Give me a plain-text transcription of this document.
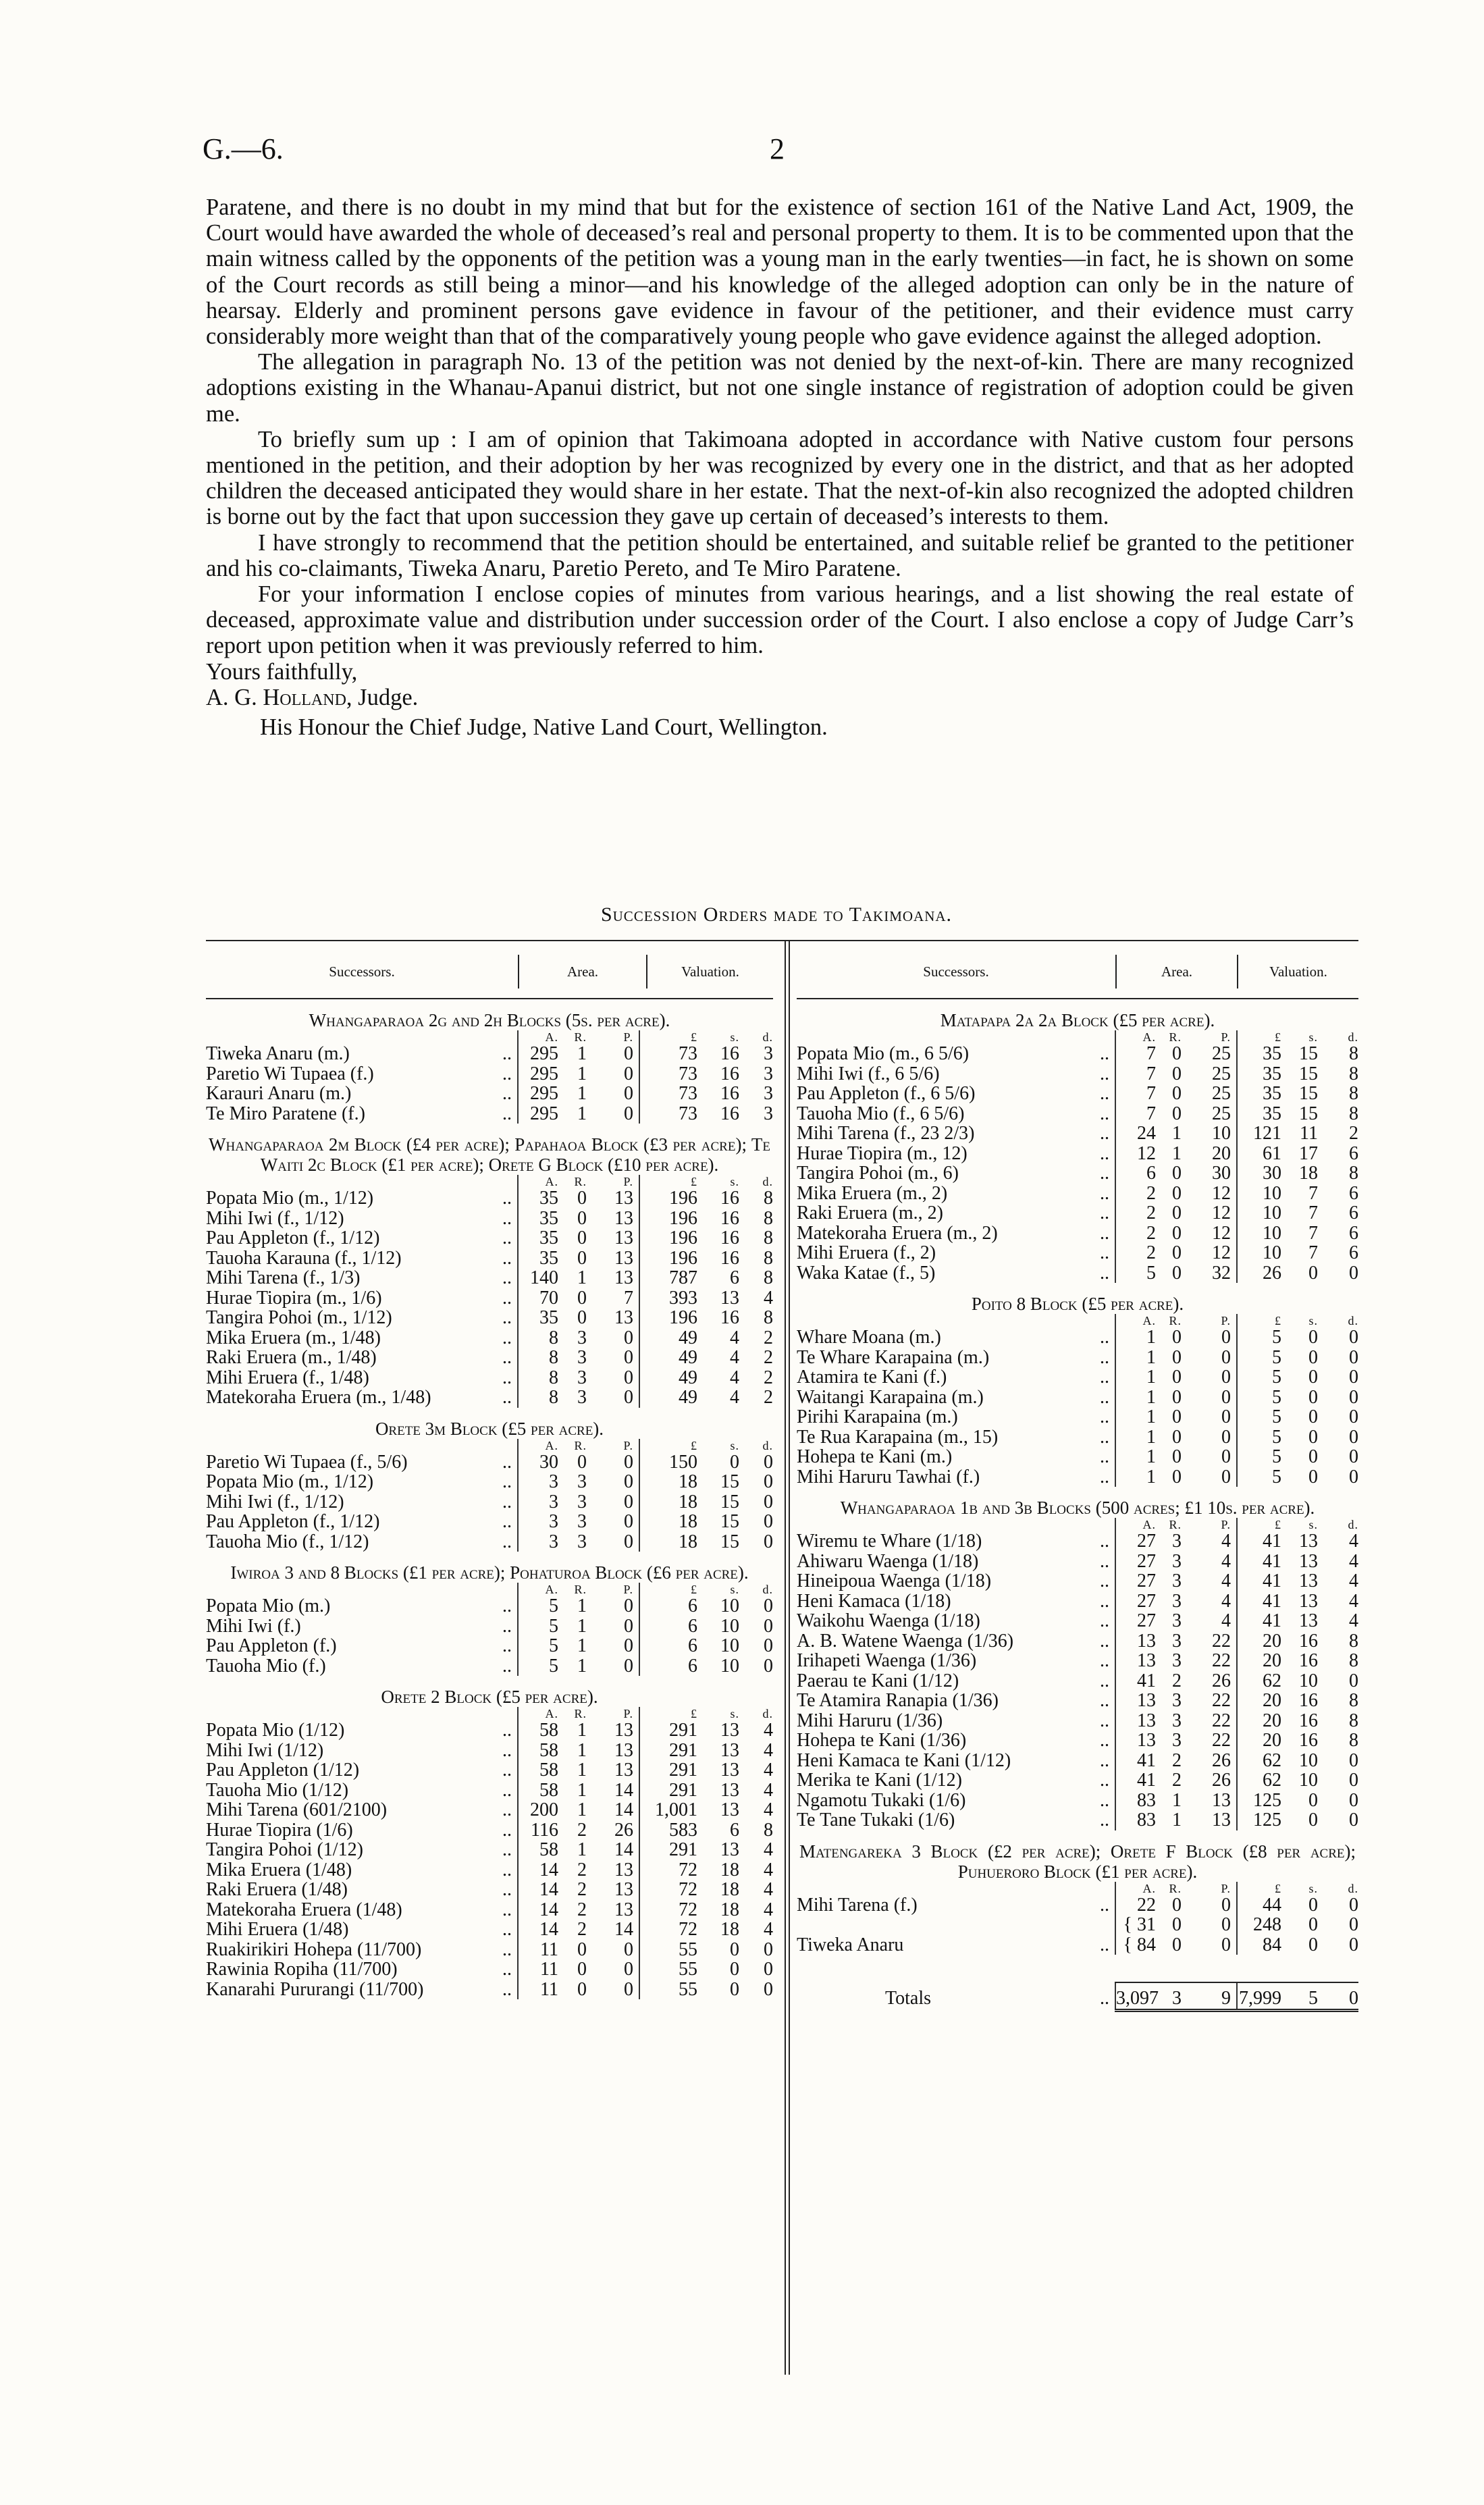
G.—6.	2

Paratene, and there is no doubt in my mind that but for the existence of section 161 of the Native Land Act, 1909, the Court would have awarded the whole of deceased’s real and personal property to them. It is to be commented upon that the main witness called by the opponents of the petition was a young man in the early twenties—in fact, he is shown on some of the Court records as still being a minor—and his knowledge of the alleged adoption can only be in the nature of hearsay. Elderly and prominent persons gave evidence in favour of the petitioner, and their evidence must carry considerably more weight than that of the comparatively young people who gave evidence against the alleged adoption.

The allegation in paragraph No. 13 of the petition was not denied by the next-of-kin. There are many recognized adoptions existing in the Whanau-Apanui district, but not one single instance of registration of adoption could be given me.

To briefly sum up : I am of opinion that Takimoana adopted in accordance with Native custom four persons mentioned in the petition, and their adoption by her was recognized by every one in the district, and that as her adopted children the deceased anticipated they would share in her estate. That the next-of-kin also recognized the adopted children is borne out by the fact that upon succession they gave up certain of deceased’s interests to them.

I have strongly to recommend that the petition should be entertained, and suitable relief be granted to the petitioner and his co-claimants, Tiweka Anaru, Paretio Pereto, and Te Miro Paratene.

For your information I enclose copies of minutes from various hearings, and a list showing the real estate of deceased, approximate value and distribution under succession order of the Court. I also enclose a copy of Judge Carr’s report upon petition when it was previously referred to him.

Yours faithfully,

A. G. Holland, Judge.

His Honour the Chief Judge, Native Land Court, Wellington.

Succession Orders made to Takimoana.
Successors.	Area.	Valuation.
Whangaparaoa 2g and 2h Blocks (5s. per acre).
		A.	R.	P.	£	s.	d.
Tiweka Anaru (m.)	..	295	1	0	73	16	3
Paretio Wi Tupaea (f.)	..	295	1	0	73	16	3
Karauri Anaru (m.)	..	295	1	0	73	16	3
Te Miro Paratene (f.)	..	295	1	0	73	16	3
Whangaparaoa 2m Block (£4 per acre); Papahaoa Block (£3 per acre); Te Waiti 2c Block (£1 per acre); Orete G Block (£10 per acre).
		A.	R.	P.	£	s.	d.
Popata Mio (m., 1/12)	..	35	0	13	196	16	8
Mihi Iwi (f., 1/12)	..	35	0	13	196	16	8
Pau Appleton (f., 1/12)	..	35	0	13	196	16	8
Tauoha Karauna (f., 1/12)	..	35	0	13	196	16	8
Mihi Tarena (f., 1/3)	..	140	1	13	787	6	8
Hurae Tiopira (m., 1/6)	..	70	0	7	393	13	4
Tangira Pohoi (m., 1/12)	..	35	0	13	196	16	8
Mika Eruera (m., 1/48)	..	8	3	0	49	4	2
Raki Eruera (m., 1/48)	..	8	3	0	49	4	2
Mihi Eruera (f., 1/48)	..	8	3	0	49	4	2
Matekoraha Eruera (m., 1/48)	..	8	3	0	49	4	2
Orete 3m Block (£5 per acre).
		A.	R.	P.	£	s.	d.
Paretio Wi Tupaea (f., 5/6)	..	30	0	0	150	0	0
Popata Mio (m., 1/12)	..	3	3	0	18	15	0
Mihi Iwi (f., 1/12)	..	3	3	0	18	15	0
Pau Appleton (f., 1/12)	..	3	3	0	18	15	0
Tauoha Mio (f., 1/12)	..	3	3	0	18	15	0
Iwiroa 3 and 8 Blocks (£1 per acre); Pohaturoa Block (£6 per acre).
		A.	R.	P.	£	s.	d.
Popata Mio (m.)	..	5	1	0	6	10	0
Mihi Iwi (f.)	..	5	1	0	6	10	0
Pau Appleton (f.)	..	5	1	0	6	10	0
Tauoha Mio (f.)	..	5	1	0	6	10	0
Orete 2 Block (£5 per acre).
		A.	R.	P.	£	s.	d.
Popata Mio (1/12)	..	58	1	13	291	13	4
Mihi Iwi (1/12)	..	58	1	13	291	13	4
Pau Appleton (1/12)	..	58	1	13	291	13	4
Tauoha Mio (1/12)	..	58	1	14	291	13	4
Mihi Tarena (601/2100)	..	200	1	14	1,001	13	4
Hurae Tiopira (1/6)	..	116	2	26	583	6	8
Tangira Pohoi (1/12)	..	58	1	14	291	13	4
Mika Eruera (1/48)	..	14	2	13	72	18	4
Raki Eruera (1/48)	..	14	2	13	72	18	4
Matekoraha Eruera (1/48)	..	14	2	13	72	18	4
Mihi Eruera (1/48)	..	14	2	14	72	18	4
Ruakirikiri Hohepa (11/700)	..	11	0	0	55	0	0
Rawinia Ropiha (11/700)	..	11	0	0	55	0	0
Kanarahi Pururangi (11/700)	..	11	0	0	55	0	0
Successors.	Area.	Valuation.
Matapapa 2a 2a Block (£5 per acre).
		A.	R.	P.	£	s.	d.
Popata Mio (m., 6 5/6)	..	7	0	25	35	15	8
Mihi Iwi (f., 6 5/6)	..	7	0	25	35	15	8
Pau Appleton (f., 6 5/6)	..	7	0	25	35	15	8
Tauoha Mio (f., 6 5/6)	..	7	0	25	35	15	8
Mihi Tarena (f., 23 2/3)	..	24	1	10	121	11	2
Hurae Tiopira (m., 12)	..	12	1	20	61	17	6
Tangira Pohoi (m., 6)	..	6	0	30	30	18	8
Mika Eruera (m., 2)	..	2	0	12	10	7	6
Raki Eruera (m., 2)	..	2	0	12	10	7	6
Matekoraha Eruera (m., 2)	..	2	0	12	10	7	6
Mihi Eruera (f., 2)	..	2	0	12	10	7	6
Waka Katae (f., 5)	..	5	0	32	26	0	0
Poito 8 Block (£5 per acre).
		A.	R.	P.	£	s.	d.
Whare Moana (m.)	..	1	0	0	5	0	0
Te Whare Karapaina (m.)	..	1	0	0	5	0	0
Atamira te Kani (f.)	..	1	0	0	5	0	0
Waitangi Karapaina (m.)	..	1	0	0	5	0	0
Pirihi Karapaina (m.)	..	1	0	0	5	0	0
Te Rua Karapaina (m., 15)	..	1	0	0	5	0	0
Hohepa te Kani (m.)	..	1	0	0	5	0	0
Mihi Haruru Tawhai (f.)	..	1	0	0	5	0	0
Whangaparaoa 1b and 3b Blocks (500 acres; £1 10s. per acre).
		A.	R.	P.	£	s.	d.
Wiremu te Whare (1/18)	..	27	3	4	41	13	4
Ahiwaru Waenga (1/18)	..	27	3	4	41	13	4
Hineipoua Waenga (1/18)	..	27	3	4	41	13	4
Heni Kamaca (1/18)	..	27	3	4	41	13	4
Waikohu Waenga (1/18)	..	27	3	4	41	13	4
A. B. Watene Waenga (1/36)	..	13	3	22	20	16	8
Irihapeti Waenga (1/36)	..	13	3	22	20	16	8
Paerau te Kani (1/12)	..	41	2	26	62	10	0
Te Atamira Ranapia (1/36)	..	13	3	22	20	16	8
Mihi Haruru (1/36)	..	13	3	22	20	16	8
Hohepa te Kani (1/36)	..	13	3	22	20	16	8
Heni Kamaca te Kani (1/12)	..	41	2	26	62	10	0
Merika te Kani (1/12)	..	41	2	26	62	10	0
Ngamotu Tukaki (1/6)	..	83	1	13	125	0	0
Te Tane Tukaki (1/6)	..	83	1	13	125	0	0
Matengareka 3 Block (£2 per acre); Orete F Block (£8 per acre); Puhueroro Block (£1 per acre).
		A.	R.	P.	£	s.	d.
Mihi Tarena (f.)	..	22	0	0	44	0	0
		{ 31	0	0	248	0	0
Tiweka Anaru	..	{ 84	0	0	84	0	0
Totals	..	3,097	3	9	7,999	5	0
